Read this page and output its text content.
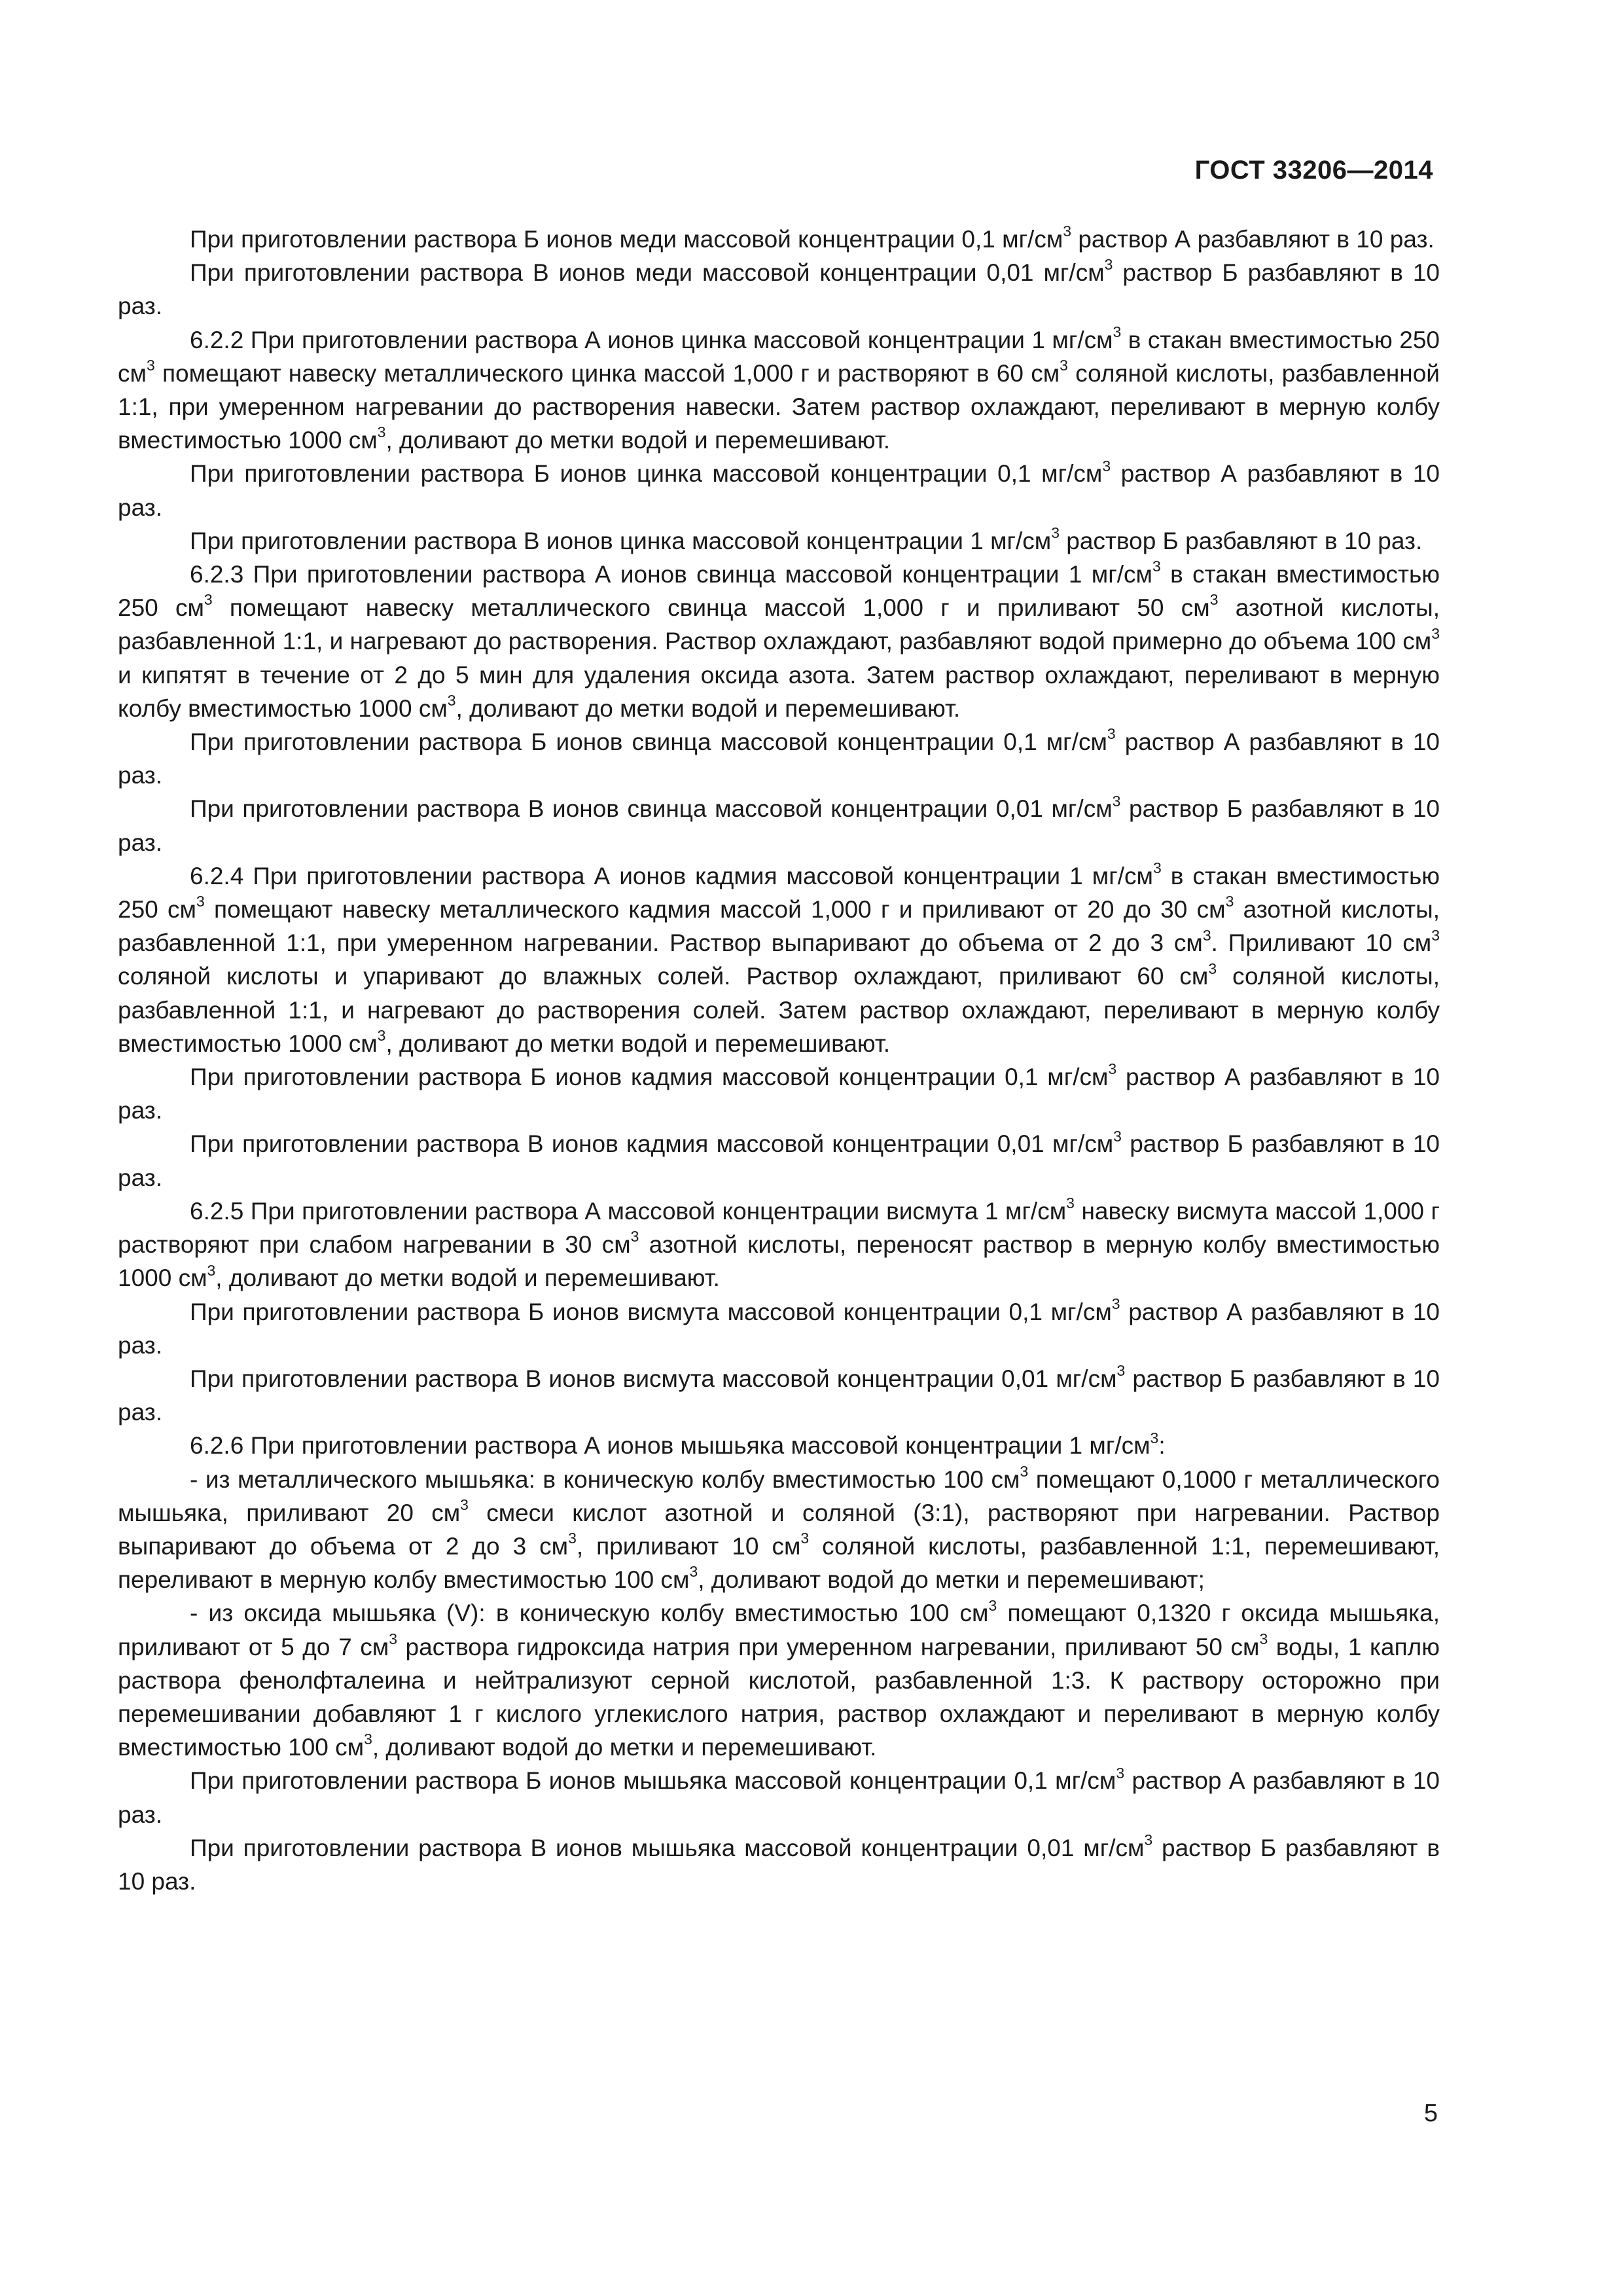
ГОСТ 33206—2014

При приготовлении раствора Б ионов меди массовой концентрации 0,1 $мг/см^3$ раствор А разбавляют в 10 раз.

При приготовлении раствора В ионов меди массовой концентрации 0,01 $мг/см^3$ раствор Б разбавляют в 10 раз.

6.2.2 При приготовлении раствора А ионов цинка массовой концентрации 1 $мг/см^3$ в стакан вместимостью 250 $см^3$ помещают навеску металлического цинка массой 1,000 г и растворяют в 60 $см^3$ соляной кислоты, разбавленной 1:1, при умеренном нагревании до растворения навески. Затем раствор охлаждают, переливают в мерную колбу вместимостью 1000 $см^3$, доливают до метки водой и перемешивают.

При приготовлении раствора Б ионов цинка массовой концентрации 0,1 $мг/см^3$ раствор А разбавляют в 10 раз.

При приготовлении раствора В ионов цинка массовой концентрации 1 $мг/см^3$ раствор Б разбавляют в 10 раз.

6.2.3 При приготовлении раствора А ионов свинца массовой концентрации 1 $мг/см^3$ в стакан вместимостью 250 $см^3$ помещают навеску металлического свинца массой 1,000 г и приливают 50 $см^3$ азотной кислоты, разбавленной 1:1, и нагревают до растворения. Раствор охлаждают, разбавляют водой примерно до объема 100 $см^3$ и кипятят в течение от 2 до 5 мин для удаления оксида азота. Затем раствор охлаждают, переливают в мерную колбу вместимостью 1000 $см^3$, доливают до метки водой и перемешивают.

При приготовлении раствора Б ионов свинца массовой концентрации 0,1 $мг/см^3$ раствор А разбавляют в 10 раз.

При приготовлении раствора В ионов свинца массовой концентрации 0,01 $мг/см^3$ раствор Б разбавляют в 10 раз.

6.2.4 При приготовлении раствора А ионов кадмия массовой концентрации 1 $мг/см^3$ в стакан вместимостью 250 $см^3$ помещают навеску металлического кадмия массой 1,000 г и приливают от 20 до 30 $см^3$ азотной кислоты, разбавленной 1:1, при умеренном нагревании. Раствор выпаривают до объема от 2 до 3 $см^3$. Приливают 10 $см^3$ соляной кислоты и упаривают до влажных солей. Раствор охлаждают, приливают 60 $см^3$ соляной кислоты, разбавленной 1:1, и нагревают до растворения солей. Затем раствор охлаждают, переливают в мерную колбу вместимостью 1000 $см^3$, доливают до метки водой и перемешивают.

При приготовлении раствора Б ионов кадмия массовой концентрации 0,1 $мг/см^3$ раствор А разбавляют в 10 раз.

При приготовлении раствора В ионов кадмия массовой концентрации 0,01 $мг/см^3$ раствор Б разбавляют в 10 раз.

6.2.5 При приготовлении раствора А массовой концентрации висмута 1 $мг/см^3$ навеску висмута массой 1,000 г растворяют при слабом нагревании в 30 $см^3$ азотной кислоты, переносят раствор в мерную колбу вместимостью 1000 $см^3$, доливают до метки водой и перемешивают.

При приготовлении раствора Б ионов висмута массовой концентрации 0,1 $мг/см^3$ раствор А разбавляют в 10 раз.

При приготовлении раствора В ионов висмута массовой концентрации 0,01 $мг/см^3$ раствор Б разбавляют в 10 раз.

6.2.6 При приготовлении раствора А ионов мышьяка массовой концентрации 1 $мг/см^3$:

- из металлического мышьяка: в коническую колбу вместимостью 100 $см^3$ помещают 0,1000 г металлического мышьяка, приливают 20 $см^3$ смеси кислот азотной и соляной (3:1), растворяют при нагревании. Раствор выпаривают до объема от 2 до 3 $см^3$, приливают 10 $см^3$ соляной кислоты, разбавленной 1:1, перемешивают, переливают в мерную колбу вместимостью 100 $см^3$, доливают водой до метки и перемешивают;

- из оксида мышьяка (V): в коническую колбу вместимостью 100 $см^3$ помещают 0,1320 г оксида мышьяка, приливают от 5 до 7 $см^3$ раствора гидроксида натрия при умеренном нагревании, приливают 50 $см^3$ воды, 1 каплю раствора фенолфталеина и нейтрализуют серной кислотой, разбавленной 1:3. К раствору осторожно при перемешивании добавляют 1 г кислого углекислого натрия, раствор охлаждают и переливают в мерную колбу вместимостью 100 $см^3$, доливают водой до метки и перемешивают.

При приготовлении раствора Б ионов мышьяка массовой концентрации 0,1 $мг/см^3$ раствор А разбавляют в 10 раз.

При приготовлении раствора В ионов мышьяка массовой концентрации 0,01 $мг/см^3$ раствор Б разбавляют в 10 раз.

5
